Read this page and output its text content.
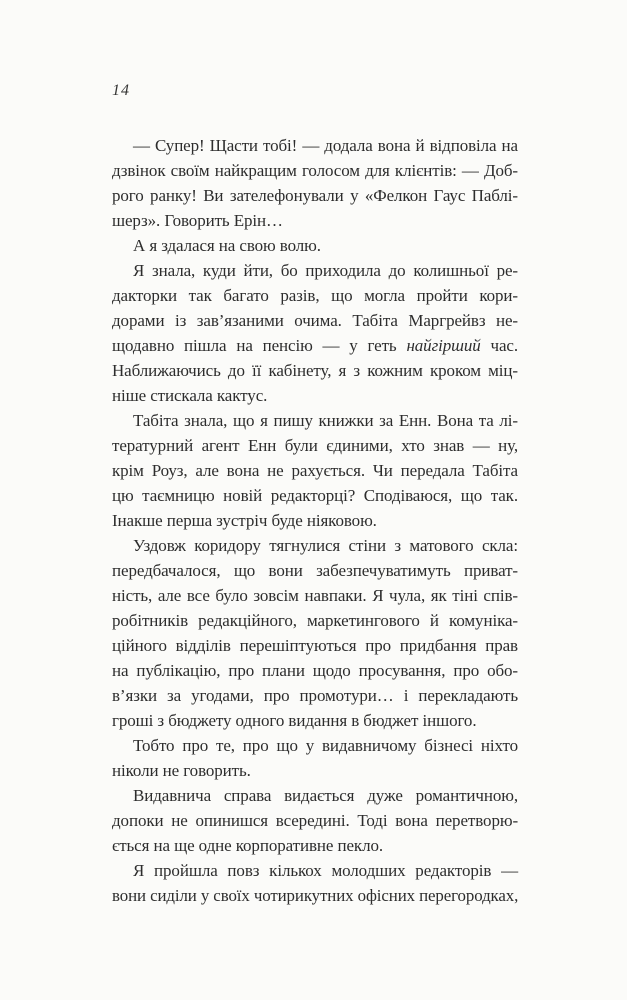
14
— Супер! Щасти тобі! — додала вона й відповіла на
дзвінок своїм найкращим голосом для клієнтів: — Доб-
рого ранку! Ви зателефонували у «Фелкон Гаус Паблі-
шерз». Говорить Ерін…
А я здалася на свою волю.
Я знала, куди йти, бо приходила до колишньої ре-
дакторки так багато разів, що могла пройти кори-
дорами із зав’язаними очима. Табіта Маргрейвз не-
щодавно пішла на пенсію — у геть найгірший час.
Наближаючись до її кабінету, я з кожним кроком міц-
ніше стискала кактус.
Табіта знала, що я пишу книжки за Енн. Вона та лі-
тературний агент Енн були єдиними, хто знав — ну,
крім Роуз, але вона не рахується. Чи передала Табіта
цю таємницю новій редакторці? Сподіваюся, що так.
Інакше перша зустріч буде ніяковою.
Уздовж коридору тягнулися стіни з матового скла:
передбачалося, що вони забезпечуватимуть приват-
ність, але все було зовсім навпаки. Я чула, як тіні спів-
робітників редакційного, маркетингового й комуніка-
ційного відділів перешіптуються про придбання прав
на публікацію, про плани щодо просування, про обо-
в’язки за угодами, про промотури… і перекладають
гроші з бюджету одного видання в бюджет іншого.
Тобто про те, про що у видавничому бізнесі ніхто
ніколи не говорить.
Видавнича справа видається дуже романтичною,
допоки не опинишся всередині. Тоді вона перетворю-
ється на ще одне корпоративне пекло.
Я пройшла повз кількох молодших редакторів —
вони сиділи у своїх чотирикутних офісних перегородках,
